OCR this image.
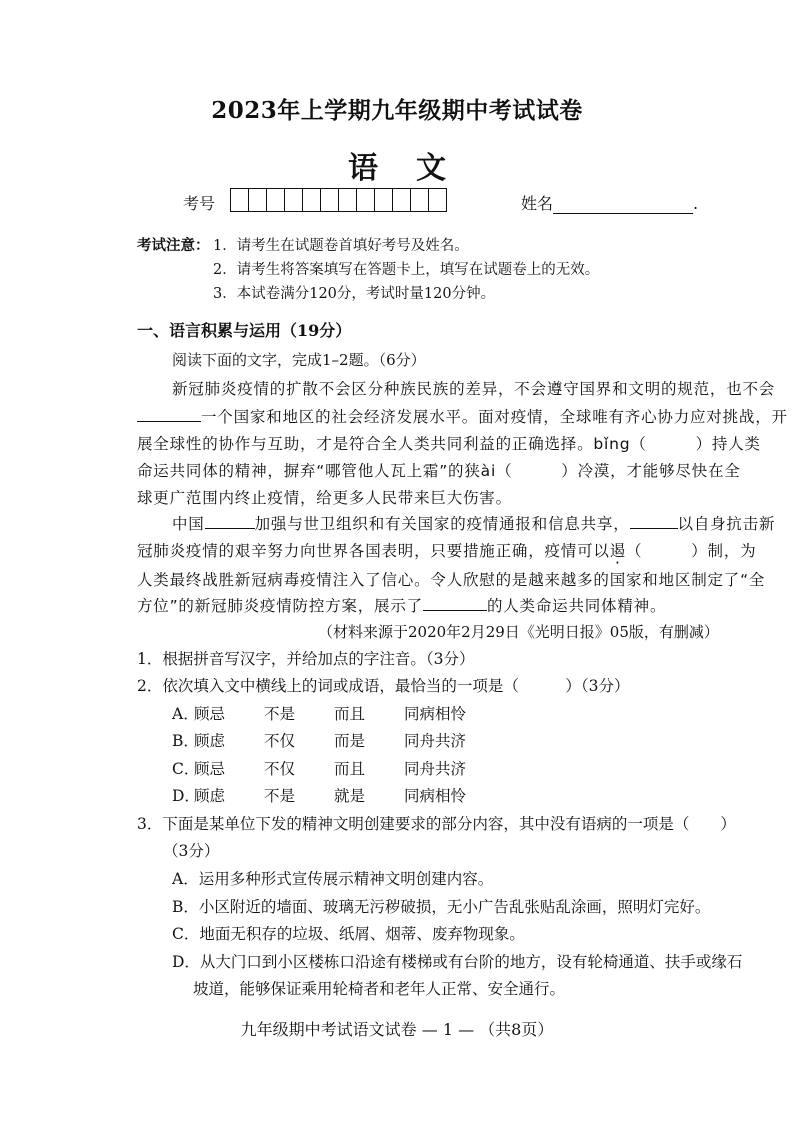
2023年上学期九年级期中考试试卷
语文
考号	姓名	.
考试注意： 1．请考生在试题卷首填好考号及姓名。
2．请考生将答案填写在答题卡上，填写在试题卷上的无效。
3．本试卷满分120分，考试时量120分钟。
一、语言积累与运用（19分）
阅读下面的文字，完成1–2题。（6分）
新冠肺炎疫情的扩散不会区分种族民族的差异，不会遵守国界和文明的规范，也不会
一个国家和地区的社会经济发展水平。面对疫情，全球唯有齐心协力应对挑战，开
展全球性的协作与互助，才是符合全人类共同利益的正确选择。bǐng（　　　）持人类
命运共同体的精神，摒弃“哪管他人瓦上霜”的狭ài（　　　）冷漠，才能够尽快在全
球更广范围内终止疫情，给更多人民带来巨大伤害。
中国	加强与世卫组织和有关国家的疫情通报和信息共享，	以自身抗击新
冠肺炎疫情的艰辛努力向世界各国表明，只要措施正确，疫情可以遏（　　　）制，为
人类最终战胜新冠病毒疫情注入了信心。令人欣慰的是越来越多的国家和地区制定了“全
方位”的新冠肺炎疫情防控方案，展示了	的人类命运共同体精神。
（材料来源于2020年2月29日《光明日报》05版，有删减）
1．根据拼音写汉字，并给加点的字注音。（3分）
2．依次填入文中横线上的词或成语，最恰当的一项是（　　　）（3分）
A．顾忌	不是	而且	同病相怜
B．顾虑	不仅	而是	同舟共济
C．顾忌	不仅	而且	同舟共济
D．顾虑	不是	就是	同病相怜
3．下面是某单位下发的精神文明创建要求的部分内容，其中没有语病的一项是（　　）
（3分）
A．运用多种形式宣传展示精神文明创建内容。
B．小区附近的墙面、玻璃无污秽破损，无小广告乱张贴乱涂画，照明灯完好。
C．地面无积存的垃圾、纸屑、烟蒂、废弃物现象。
D．从大门口到小区楼栋口沿途有楼梯或有台阶的地方，设有轮椅通道、扶手或缘石
坡道，能够保证乘用轮椅者和老年人正常、安全通行。
九年级期中考试语文试卷 — 1 — （共8页）
